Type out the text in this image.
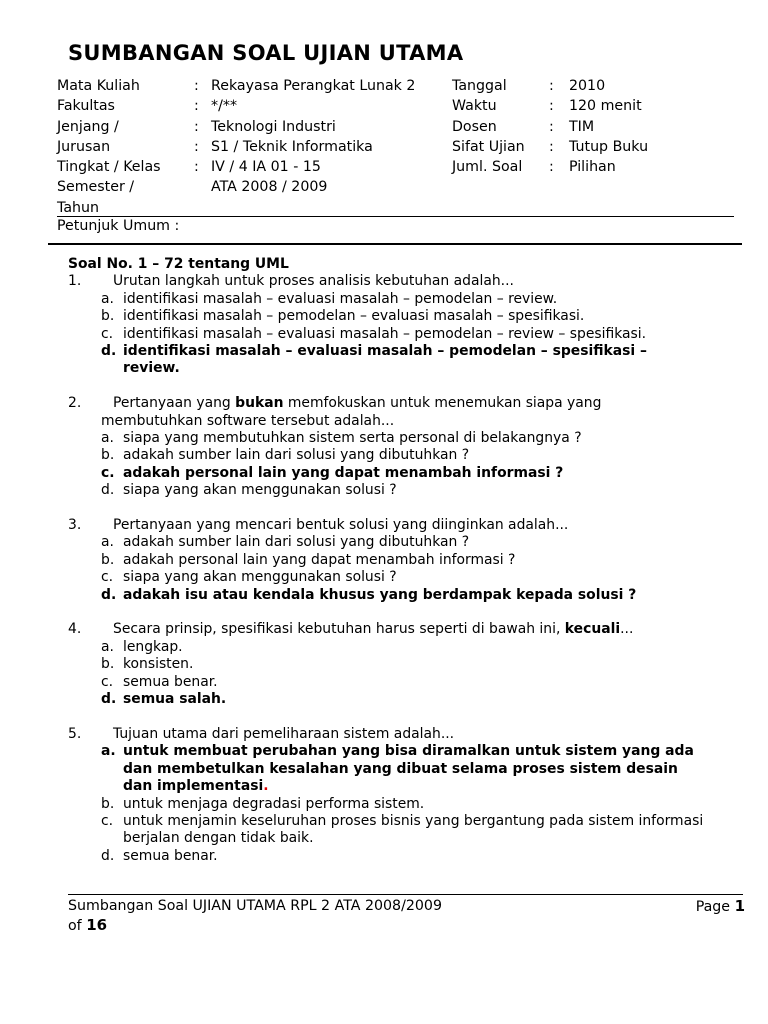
SUMBANGAN SOAL UJIAN UTAMA
Mata Kuliah	: Rekayasa Perangkat Lunak 2
Fakultas	: */**
Jenjang /	: Teknologi Industri
Jurusan	: S1 / Teknik Informatika
Tingkat / Kelas	: IV / 4 IA 01 - 15
Semester /	ATA 2008 / 2009
Tahun
Tanggal	:	2010
Waktu	:	120 menit
Dosen	:	TIM
Sifat Ujian	:	Tutup Buku
Juml. Soal	:	Pilihan
Petunjuk Umum :
Soal No. 1 – 72 tentang UML
1.	Urutan langkah untuk proses analisis kebutuhan adalah...
a. identifikasi masalah – evaluasi masalah – pemodelan – review.
b. identifikasi masalah – pemodelan – evaluasi masalah – spesifikasi.
c. identifikasi masalah – evaluasi masalah – pemodelan – review – spesifikasi.
d. identifikasi masalah – evaluasi masalah – pemodelan – spesifikasi – review.
2.	Pertanyaan yang bukan memfokuskan untuk menemukan siapa yang
membutuhkan software tersebut adalah...
a. siapa yang membutuhkan sistem serta personal di belakangnya ?
b. adakah sumber lain dari solusi yang dibutuhkan ?
c. adakah personal lain yang dapat menambah informasi ?
d. siapa yang akan menggunakan solusi ?
3.	Pertanyaan yang mencari bentuk solusi yang diinginkan adalah...
a. adakah sumber lain dari solusi yang dibutuhkan ?
b. adakah personal lain yang dapat menambah informasi ?
c. siapa yang akan menggunakan solusi ?
d. adakah isu atau kendala khusus yang berdampak kepada solusi ?
4.	Secara prinsip, spesifikasi kebutuhan harus seperti di bawah ini, kecuali...
a. lengkap.
b. konsisten.
c. semua benar.
d. semua salah.
5.	Tujuan utama dari pemeliharaan sistem adalah...
a. untuk membuat perubahan yang bisa diramalkan untuk sistem yang ada dan membetulkan kesalahan yang dibuat selama proses sistem desain dan implementasi.
b. untuk menjaga degradasi performa sistem.
c. untuk menjamin keseluruhan proses bisnis yang bergantung pada sistem informasi berjalan dengan tidak baik.
d. semua benar.
Sumbangan Soal UJIAN UTAMA RPL 2 ATA 2008/2009	Page 1
of 16
